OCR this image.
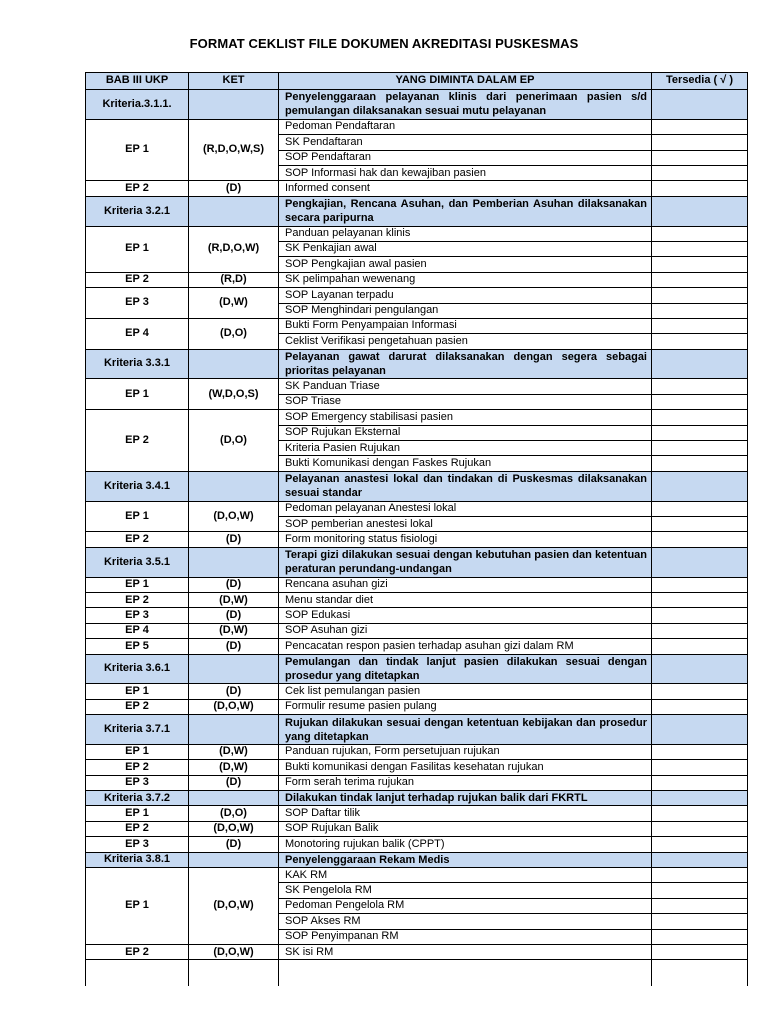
FORMAT CEKLIST FILE DOKUMEN AKREDITASI PUSKESMAS
BAB III UKP	KET	YANG DIMINTA DALAM EP	Tersedia ( √ )
Kriteria.3.1.1.		Penyelenggaraan pelayanan klinis dari penerimaan pasien s/d pemulangan dilaksanakan sesuai mutu pelayanan	
EP 1	(R,D,O,W,S)	Pedoman Pendaftaran	
		SK Pendaftaran	
		SOP Pendaftaran	
		SOP Informasi hak dan kewajiban pasien	
EP 2	(D)	Informed consent	
Kriteria 3.2.1		Pengkajian, Rencana Asuhan, dan Pemberian Asuhan dilaksanakan secara paripurna	
EP 1	(R,D,O,W)	Panduan pelayanan klinis	
		SK Penkajian awal	
		SOP Pengkajian awal pasien	
EP 2	(R,D)	SK pelimpahan wewenang	
EP 3	(D,W)	SOP Layanan terpadu	
		SOP Menghindari pengulangan	
EP 4	(D,O)	Bukti Form Penyampaian Informasi	
		Ceklist Verifikasi pengetahuan pasien	
Kriteria 3.3.1		Pelayanan gawat darurat dilaksanakan dengan segera sebagai prioritas pelayanan	
EP 1	(W,D,O,S)	SK Panduan Triase	
		SOP Triase	
EP 2	(D,O)	SOP Emergency stabilisasi pasien	
		SOP Rujukan Eksternal	
		Kriteria Pasien Rujukan	
		Bukti Komunikasi dengan Faskes Rujukan	
Kriteria 3.4.1		Pelayanan anastesi lokal dan tindakan di Puskesmas dilaksanakan sesuai standar	
EP 1	(D,O,W)	Pedoman pelayanan Anestesi lokal	
		SOP pemberian anestesi lokal	
EP 2	(D)	Form monitoring status fisiologi	
Kriteria 3.5.1		Terapi gizi dilakukan sesuai dengan kebutuhan pasien dan ketentuan peraturan perundang-undangan	
EP 1	(D)	Rencana asuhan gizi	
EP 2	(D,W)	Menu standar diet	
EP 3	(D)	SOP Edukasi	
EP 4	(D,W)	SOP Asuhan gizi	
EP 5	(D)	Pencacatan respon pasien terhadap asuhan gizi dalam RM	
Kriteria 3.6.1		Pemulangan dan tindak lanjut pasien dilakukan sesuai dengan prosedur yang ditetapkan	
EP 1	(D)	Cek list pemulangan pasien	
EP 2	(D,O,W)	Formulir resume pasien pulang	
Kriteria 3.7.1		Rujukan dilakukan sesuai dengan ketentuan kebijakan dan prosedur yang ditetapkan	
EP 1	(D,W)	Panduan rujukan, Form persetujuan rujukan	
EP 2	(D,W)	Bukti komunikasi dengan Fasilitas kesehatan rujukan	
EP 3	(D)	Form serah terima rujukan	
Kriteria 3.7.2		Dilakukan tindak lanjut terhadap rujukan balik dari FKRTL	
EP 1	(D,O)	SOP Daftar tilik	
EP 2	(D,O,W)	SOP Rujukan Balik	
EP 3	(D)	Monotoring rujukan balik (CPPT)	
Kriteria 3.8.1		Penyelenggaraan Rekam Medis	
EP 1	(D,O,W)	KAK RM	
		SK Pengelola RM	
		Pedoman Pengelola RM	
		SOP Akses RM	
		SOP Penyimpanan RM	
EP 2	(D,O,W)	SK isi RM	
